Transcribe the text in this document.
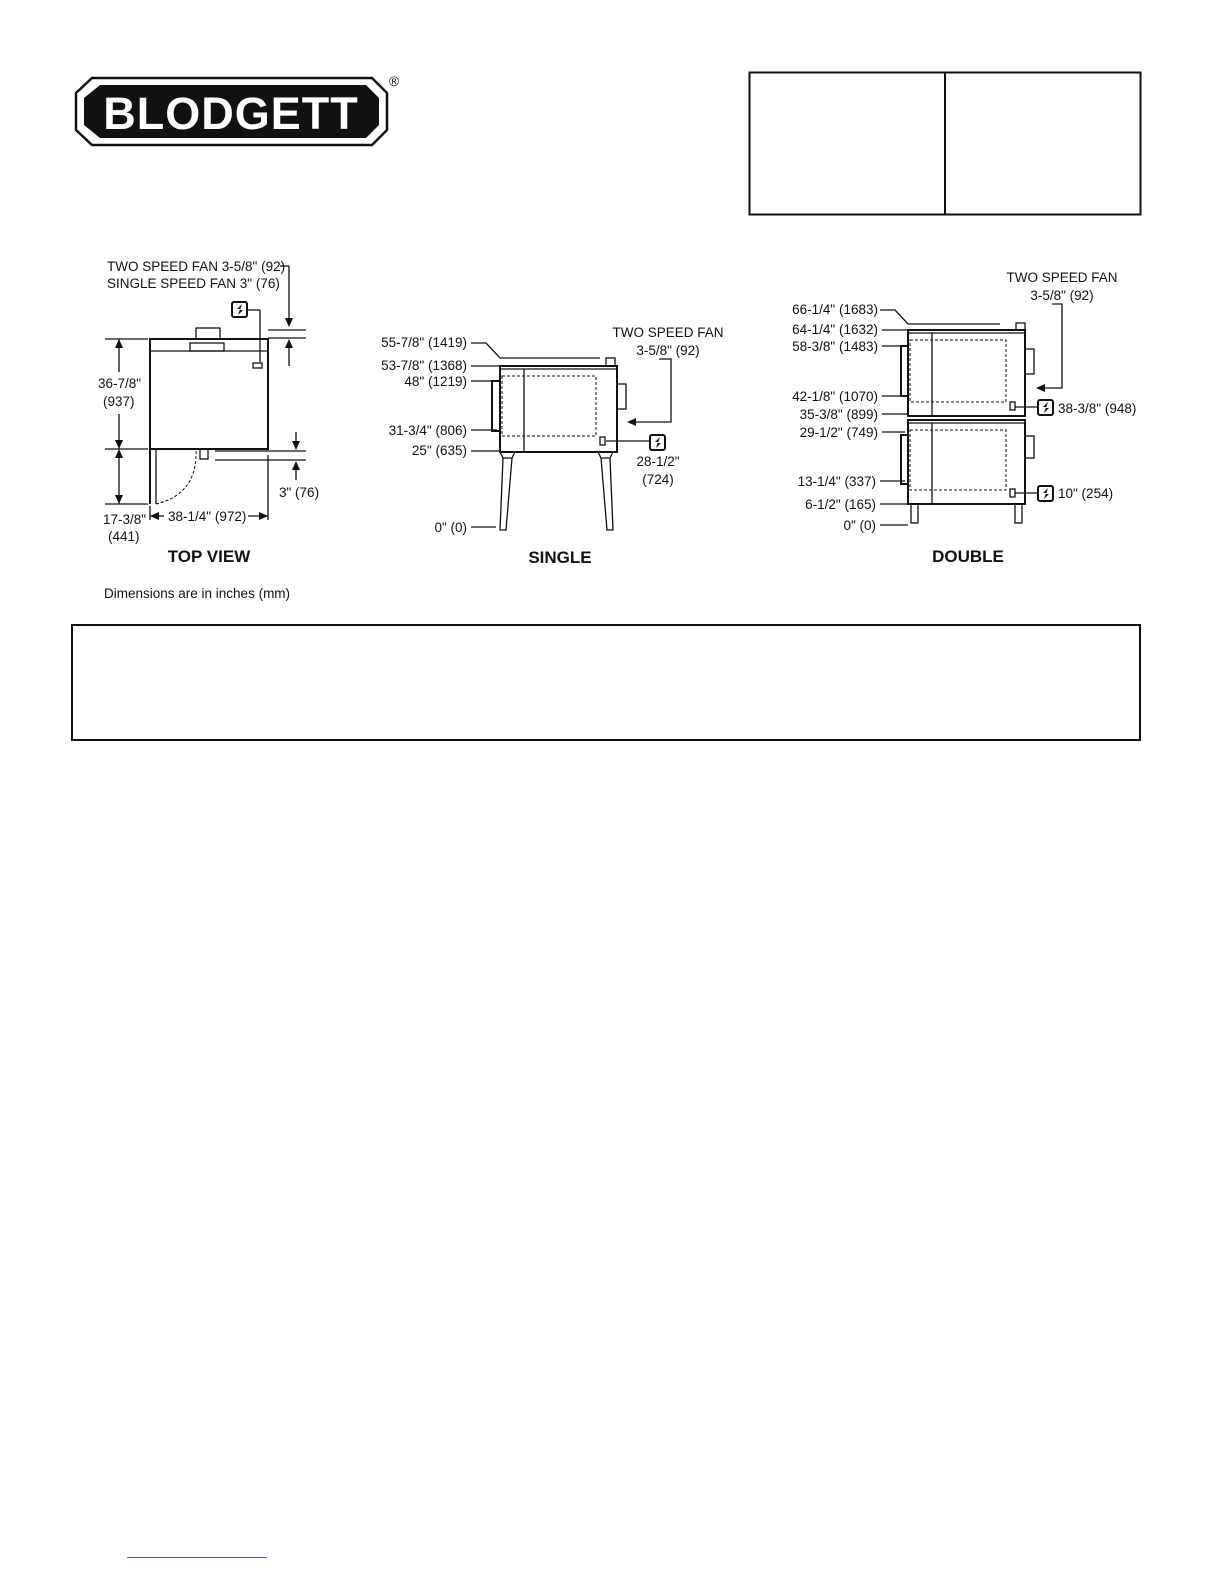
BLODGETT
®
TWO SPEED FAN 3-5/8" (92)
SINGLE SPEED FAN 3" (76)
36-7/8"
(937)
17-3/8"
(441)
38-1/4" (972)
3" (76)
TOP VIEW
Dimensions are in inches (mm)
55-7/8" (1419)
53-7/8" (1368)
48" (1219)
31-3/4" (806)
25" (635)
0" (0)
TWO SPEED FAN
3-5/8" (92)
28-1/2"
(724)
SINGLE
66-1/4" (1683)
64-1/4" (1632)
58-3/8" (1483)
42-1/8" (1070)
35-3/8" (899)
29-1/2" (749)
13-1/4" (337)
6-1/2" (165)
0" (0)
TWO SPEED FAN
3-5/8" (92)
38-3/8" (948)
10" (254)
DOUBLE
